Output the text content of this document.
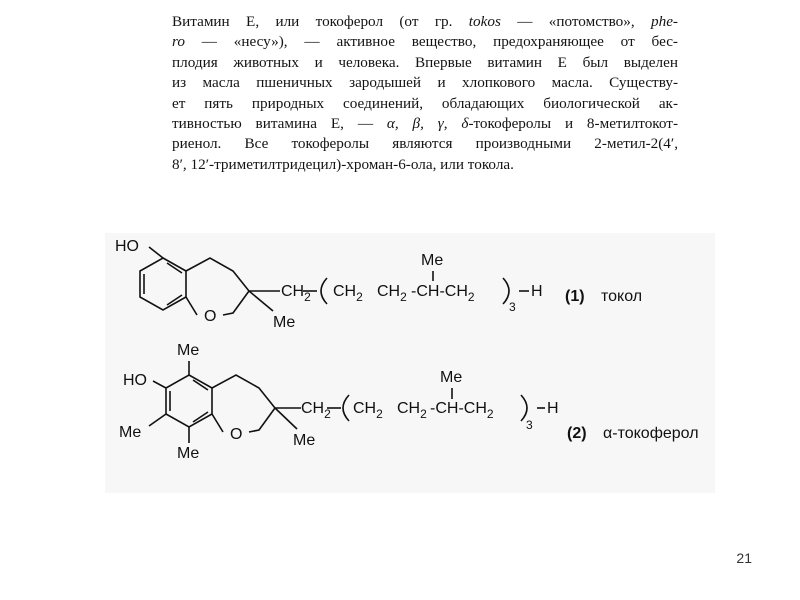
Витамин Е, или токоферол (от гр. tokos — «потомство», phe-
ro — «несу»), — активное вещество, предохраняющее от бес-
плодия животных и человека. Впервые витамин Е был выделен
из масла пшеничных зародышей и хлопкового масла. Существу-
ет пять природных соединений, обладающих биологической ак-
тивностью витамина Е, — α, β, γ, δ-токоферолы и 8-метилтокот-
риенол. Все токоферолы являются производными 2-метил-2(4′,
8′, 12′-триметилтридецил)-хроман-6-ола, или токола.
HO
O	Me
$CH_2$ $CH_2$ $CH_2$ $-CH-CH_2$
Me
3
H (1) токол
Me
HO
Me
Me
O	Me
$CH_2$ $CH_2$ $CH_2$ $-CH-CH_2$
Me
3
H
(2) α-токоферол
21
